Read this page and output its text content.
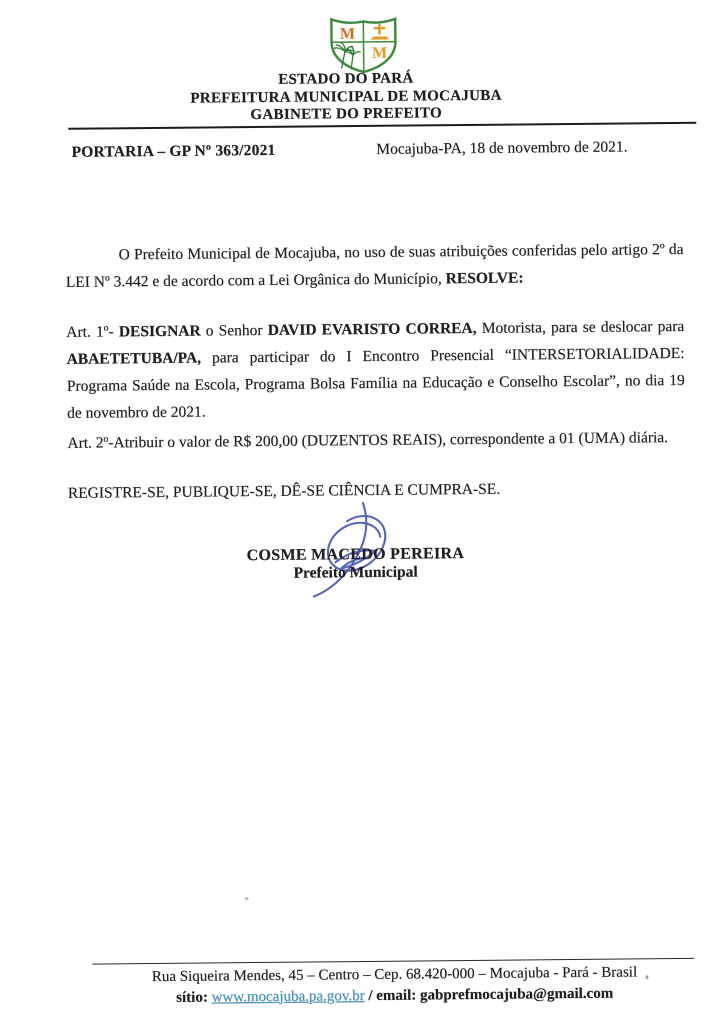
M
M
ESTADO DO PARÁ
PREFEITURA MUNICIPAL DE MOCAJUBA
GABINETE DO PREFEITO
PORTARIA – GP Nº 363/2021	Mocajuba-PA, 18 de novembro de 2021.

O Prefeito Municipal de Mocajuba, no uso de suas atribuições conferidas pelo artigo 2º da LEI Nº 3.442 e de acordo com a Lei Orgânica do Município, RESOLVE:

Art. 1º- DESIGNAR o Senhor DAVID EVARISTO CORREA, Motorista, para se deslocar para ABAETETUBA/PA, para participar do I Encontro Presencial “INTERSETORIALIDADE: Programa Saúde na Escola, Programa Bolsa Família na Educação e Conselho Escolar”, no dia 19 de novembro de 2021.

Art. 2º-Atribuir o valor de R$ 200,00 (DUZENTOS REAIS), correspondente a 01 (UMA) diária.

REGISTRE-SE, PUBLIQUE-SE, DÊ-SE CIÊNCIA E CUMPRA-SE.
COSME MACEDO PEREIRA
Prefeito Municipal
Rua Siqueira Mendes, 45 – Centro – Cep. 68.420-000 – Mocajuba - Pará - Brasil
sítio: www.mocajuba.pa.gov.br / email: gabprefmocajuba@gmail.com
